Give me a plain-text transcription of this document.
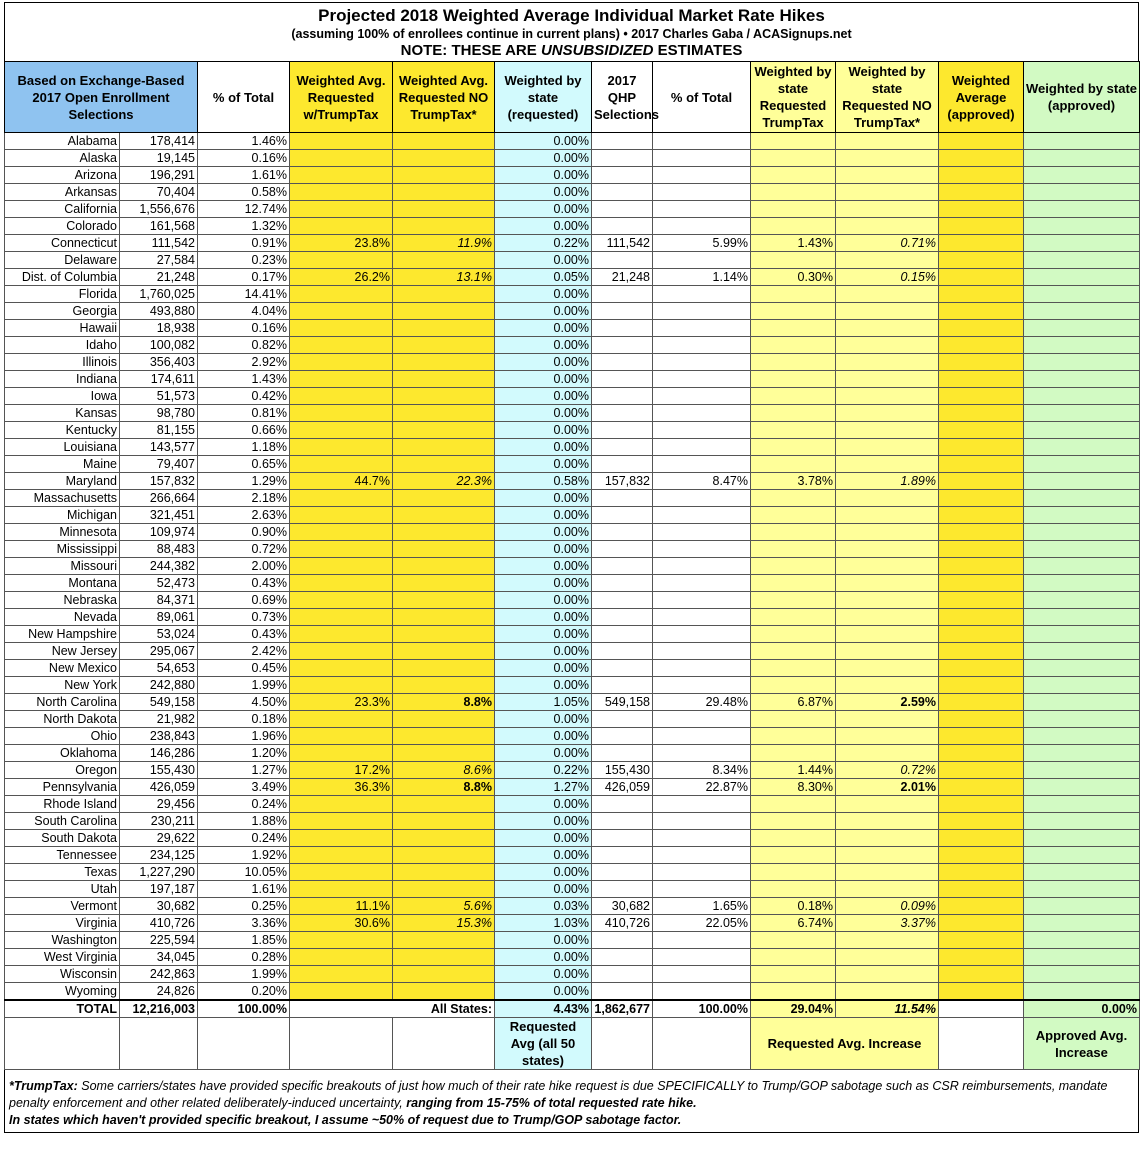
Projected 2018 Weighted Average Individual Market Rate Hikes
(assuming 100% of enrollees continue in current plans) • 2017 Charles Gaba / ACASignups.net
NOTE: THESE ARE UNSUBSIDIZED ESTIMATES
Based on Exchange-Based 2017 Open Enrollment Selections		% of Total	Weighted Avg. Requested w/TrumpTax	Weighted Avg. Requested NO TrumpTax*	Weighted by state (requested)	2017 QHP Selections	% of Total	Weighted by state Requested TrumpTax	Weighted by state Requested NO TrumpTax*	Weighted Average (approved)	Weighted by state (approved)
Alabama	178,414	1.46%			0.00%						
Alaska	19,145	0.16%			0.00%						
Arizona	196,291	1.61%			0.00%						
Arkansas	70,404	0.58%			0.00%						
California	1,556,676	12.74%			0.00%						
Colorado	161,568	1.32%			0.00%						
Connecticut	111,542	0.91%	23.8%	11.9%	0.22%	111,542	5.99%	1.43%	0.71%		
Delaware	27,584	0.23%			0.00%						
Dist. of Columbia	21,248	0.17%	26.2%	13.1%	0.05%	21,248	1.14%	0.30%	0.15%		
Florida	1,760,025	14.41%			0.00%						
Georgia	493,880	4.04%			0.00%						
Hawaii	18,938	0.16%			0.00%						
Idaho	100,082	0.82%			0.00%						
Illinois	356,403	2.92%			0.00%						
Indiana	174,611	1.43%			0.00%						
Iowa	51,573	0.42%			0.00%						
Kansas	98,780	0.81%			0.00%						
Kentucky	81,155	0.66%			0.00%						
Louisiana	143,577	1.18%			0.00%						
Maine	79,407	0.65%			0.00%						
Maryland	157,832	1.29%	44.7%	22.3%	0.58%	157,832	8.47%	3.78%	1.89%		
Massachusetts	266,664	2.18%			0.00%						
Michigan	321,451	2.63%			0.00%						
Minnesota	109,974	0.90%			0.00%						
Mississippi	88,483	0.72%			0.00%						
Missouri	244,382	2.00%			0.00%						
Montana	52,473	0.43%			0.00%						
Nebraska	84,371	0.69%			0.00%						
Nevada	89,061	0.73%			0.00%						
New Hampshire	53,024	0.43%			0.00%						
New Jersey	295,067	2.42%			0.00%						
New Mexico	54,653	0.45%			0.00%						
New York	242,880	1.99%			0.00%						
North Carolina	549,158	4.50%	23.3%	8.8%	1.05%	549,158	29.48%	6.87%	2.59%		
North Dakota	21,982	0.18%			0.00%						
Ohio	238,843	1.96%			0.00%						
Oklahoma	146,286	1.20%			0.00%						
Oregon	155,430	1.27%	17.2%	8.6%	0.22%	155,430	8.34%	1.44%	0.72%		
Pennsylvania	426,059	3.49%	36.3%	8.8%	1.27%	426,059	22.87%	8.30%	2.01%		
Rhode Island	29,456	0.24%			0.00%						
South Carolina	230,211	1.88%			0.00%						
South Dakota	29,622	0.24%			0.00%						
Tennessee	234,125	1.92%			0.00%						
Texas	1,227,290	10.05%			0.00%						
Utah	197,187	1.61%			0.00%						
Vermont	30,682	0.25%	11.1%	5.6%	0.03%	30,682	1.65%	0.18%	0.09%		
Virginia	410,726	3.36%	30.6%	15.3%	1.03%	410,726	22.05%	6.74%	3.37%		
Washington	225,594	1.85%			0.00%						
West Virginia	34,045	0.28%			0.00%						
Wisconsin	242,863	1.99%			0.00%						
Wyoming	24,826	0.20%			0.00%						
TOTAL	12,216,003	100.00%	All States:		4.43%	1,862,677	100.00%	29.04%	11.54%		0.00%
					Requested Avg (all 50 states)			Requested Avg. Increase			Approved Avg. Increase
*TrumpTax: Some carriers/states have provided specific breakouts of just how much of their rate hike request is due SPECIFICALLY to Trump/GOP sabotage such as CSR reimbursements, mandate penalty enforcement and other related deliberately-induced uncertainty, ranging from 15-75% of total requested rate hike.
In states which haven't provided specific breakout, I assume ~50% of request due to Trump/GOP sabotage factor.
